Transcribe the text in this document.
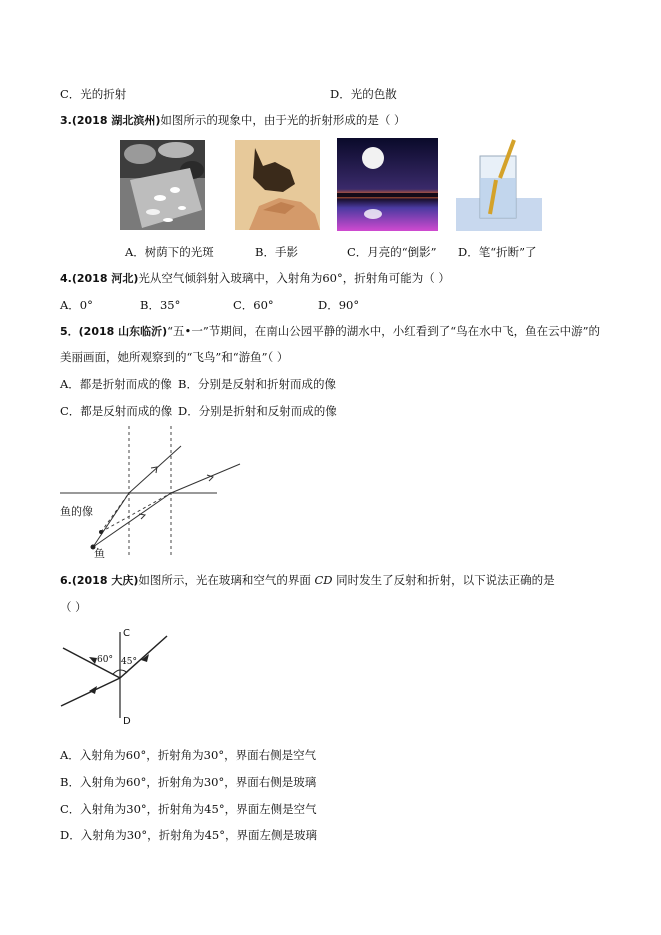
C．光的折射	D．光的色散
3.(2018 湖北滨州)如图所示的现象中，由于光的折射形成的是（ ）
A．树荫下的光斑	B．手影	C．月亮的“倒影” D．笔“折断”了
4.(2018 河北)光从空气倾斜射入玻璃中，入射角为60°，折射角可能为（ ）
A．0°	B．35°	C．60°	D．90°
5．(2018 山东临沂)“五•一”节期间，在南山公园平静的湖水中，小红看到了“鸟在水中飞，鱼在云中游”的
美丽画面，她所观察到的“飞鸟”和“游鱼”（ ）
A．都是折射而成的像 B．分别是反射和折射而成的像
C．都是反射而成的像 D．分别是折射和反射而成的像
鱼的像
鱼
6.(2018 大庆)如图所示，光在玻璃和空气的界面 CD 同时发生了反射和折射，以下说法正确的是
（ ）
C
D
60° 45°
A．入射角为60°，折射角为30°，界面右侧是空气
B．入射角为60°，折射角为30°，界面右侧是玻璃
C．入射角为30°，折射角为45°，界面左侧是空气
D．入射角为30°，折射角为45°，界面左侧是玻璃
